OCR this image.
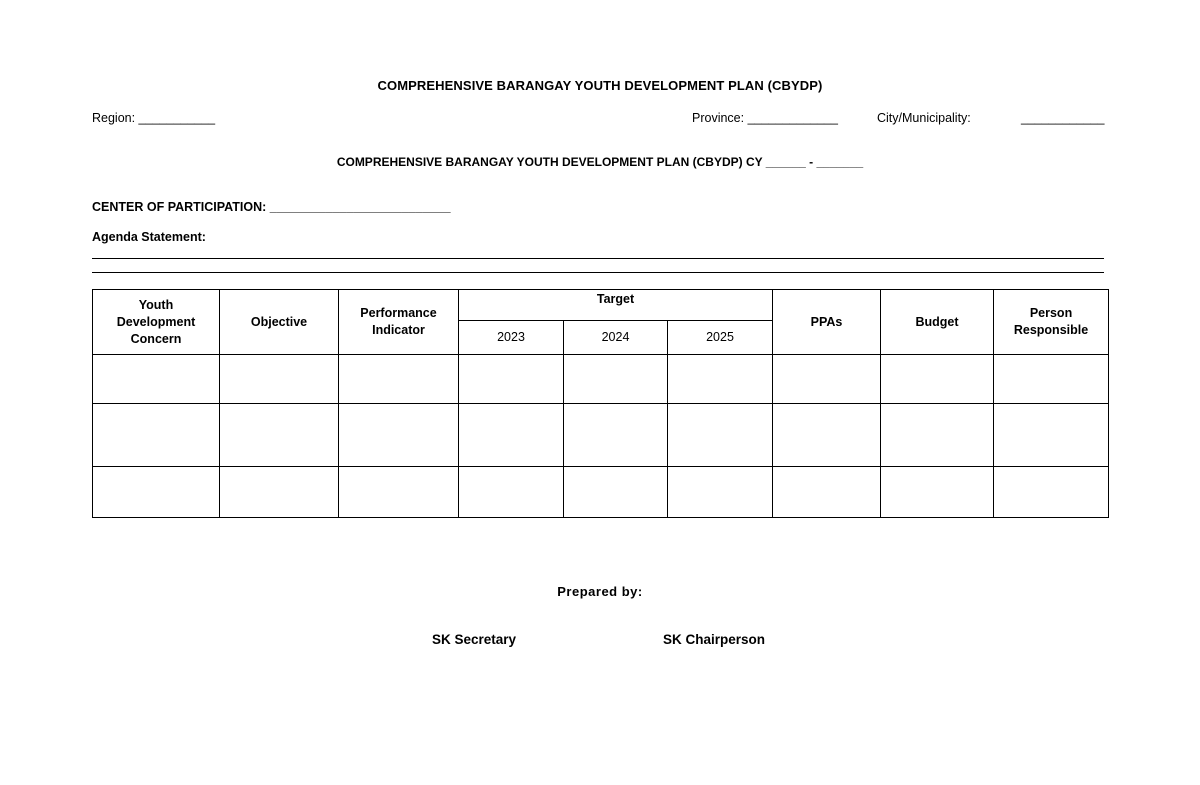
COMPREHENSIVE BARANGAY YOUTH DEVELOPMENT PLAN (CBYDP)
Region: ___________	Province: _____________	City/Municipality:	____________
COMPREHENSIVE BARANGAY YOUTH DEVELOPMENT PLAN (CBYDP) CY ______ - _______
CENTER OF PARTICIPATION: __________________________
Agenda Statement:
Youth Development Concern	Objective	Performance Indicator	Target			PPAs	Budget	Person Responsible

			2023	2024	2025			

Prepared by:
SK Secretary	SK Chairperson
